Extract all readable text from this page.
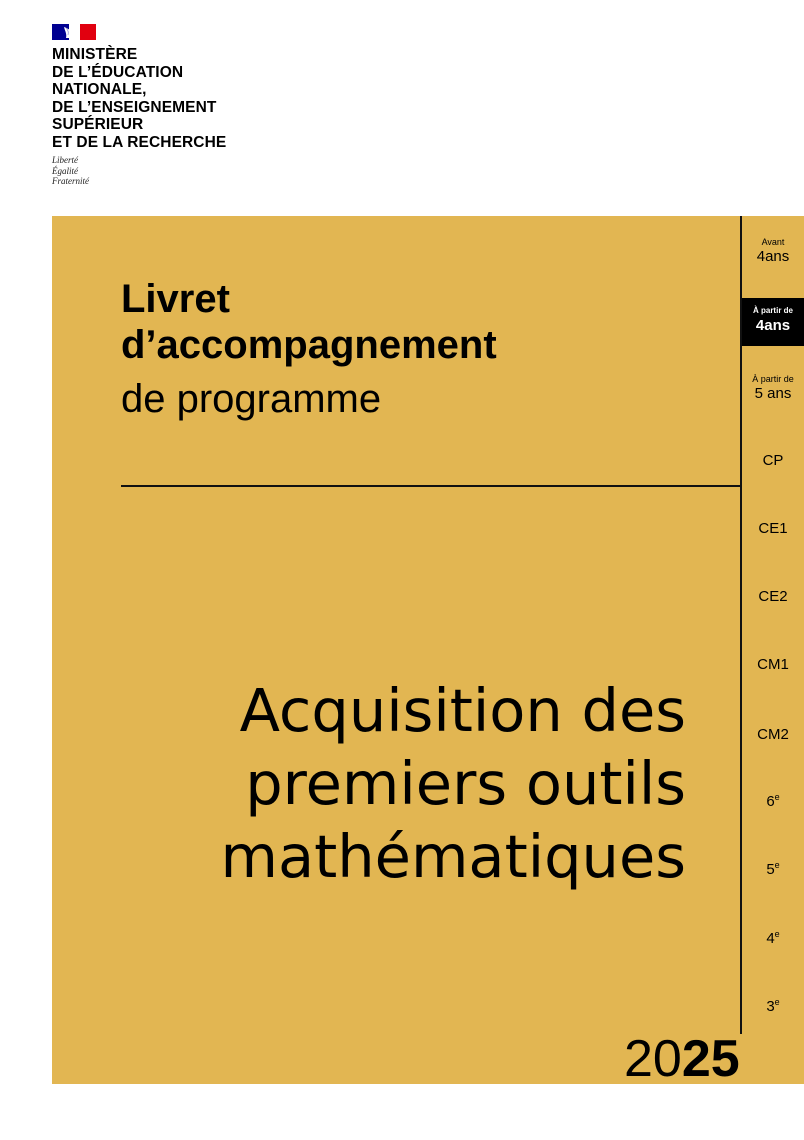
MINISTÈRE
DE L’ÉDUCATION
NATIONALE,
DE L’ENSEIGNEMENT
SUPÉRIEUR
ET DE LA RECHERCHE
Liberté
Égalité
Fraternité
Livret
d’accompagnement
de programme
Acquisition des
premiers outils
mathématiques
2025
Avant
4ans
À partir de
4ans
À partir de
5 ans
CP
CE1
CE2
CM1
CM2
6e
5e
4e
3e
